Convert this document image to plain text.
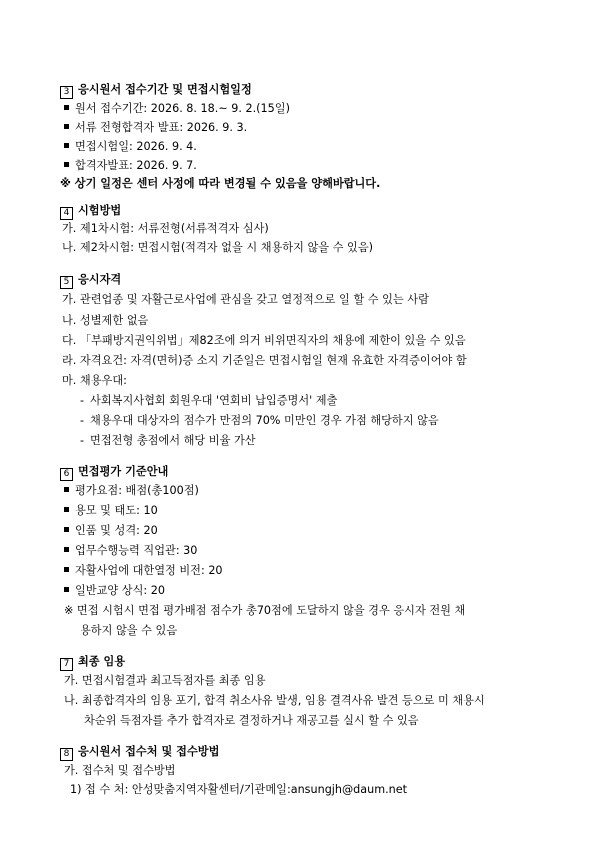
3 응시원서 접수기간 및 면접시험일정
원서 접수기간: 2026. 8. 18.~ 9. 2.(15일)
서류 전형합격자 발표: 2026. 9. 3.
면접시험일: 2026. 9. 4.
합격자발표: 2026. 9. 7.
※ 상기 일정은 센터 사정에 따라 변경될 수 있음을 양해바랍니다.
4 시험방법
가. 제1차시험: 서류전형(서류적격자 심사)
나. 제2차시험: 면접시험(적격자 없을 시 채용하지 않을 수 있음)
5 응시자격
가. 관련업종 및 자활근로사업에 관심을 갖고 열정적으로 일 할 수 있는 사람
나. 성별제한 없음
다. 「부패방지권익위법」제82조에 의거 비위면직자의 채용에 제한이 있을 수 있음
라. 자격요건: 자격(면허)증 소지 기준일은 면접시험일 현재 유효한 자격증이어야 함
마. 채용우대:
- 사회복지사협회 회원우대 '연회비 납입증명서' 제출
- 채용우대 대상자의 점수가 만점의 70% 미만인 경우 가점 해당하지 않음
- 면접전형 총점에서 해당 비율 가산
6 면접평가 기준안내
평가요점: 배점(총100점)
용모 및 태도: 10
인품 및 성격: 20
업무수행능력 직업관: 30
자활사업에 대한열정 비전: 20
일반교양 상식: 20
※ 면접 시험시 면접 평가배점 점수가 총70점에 도달하지 않을 경우 응시자 전원 채
용하지 않을 수 있음
7 최종 임용
가. 면접시험결과 최고득점자를 최종 임용
나. 최종합격자의 임용 포기, 합격 취소사유 발생, 임용 결격사유 발견 등으로 미 채용시
차순위 득점자를 추가 합격자로 결정하거나 재공고를 실시 할 수 있음
8 응시원서 접수처 및 접수방법
가. 접수처 및 접수방법
1) 접 수 처: 안성맞춤지역자활센터/기관메일:ansungjh@daum.net
